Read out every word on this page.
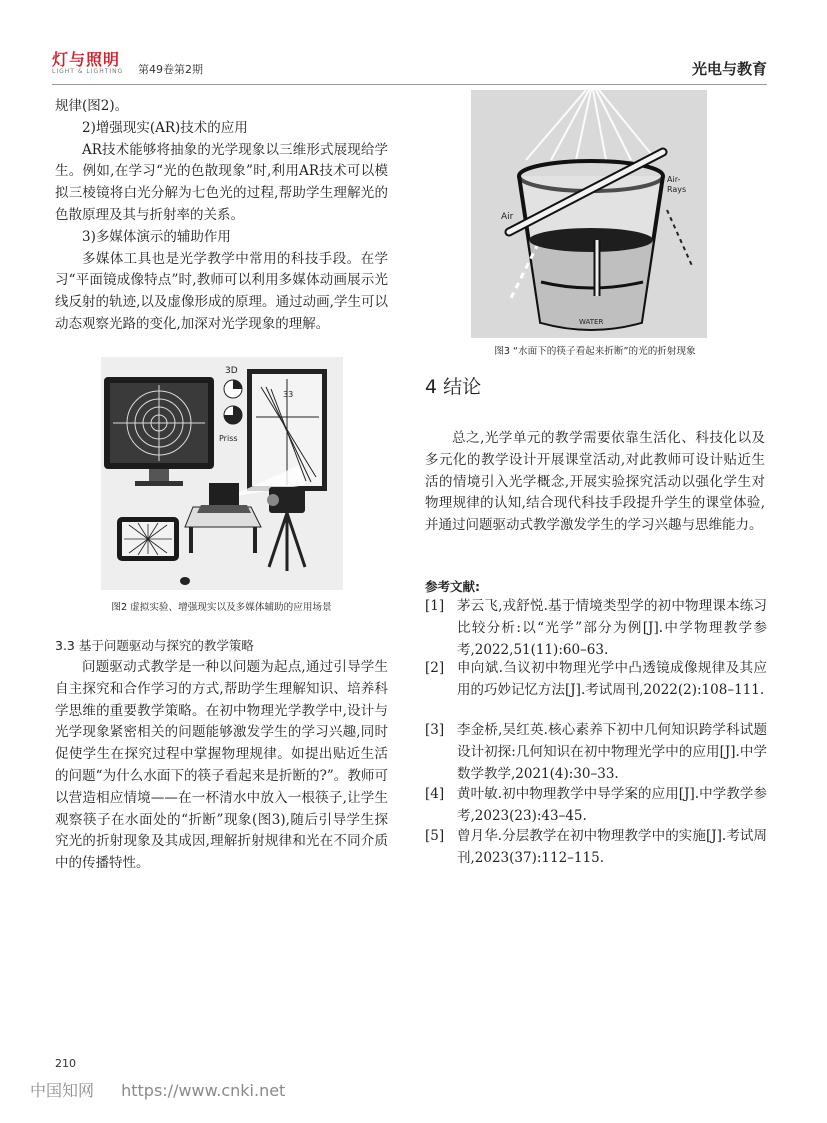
灯与照明
LIGHT & LIGHTING 第49卷第2期	光电与教育

规律(图2)。

2)增强现实(AR)技术的应用

AR技术能够将抽象的光学现象以三维形式展现给学生。例如,在学习“光的色散现象”时,利用AR技术可以模拟三棱镜将白光分解为七色光的过程,帮助学生理解光的色散原理及其与折射率的关系。

3)多媒体演示的辅助作用

多媒体工具也是光学教学中常用的科技手段。在学习“平面镜成像特点”时,教师可以利用多媒体动画展示光线反射的轨迹,以及虚像形成的原理。通过动画,学生可以动态观察光路的变化,加深对光学现象的理解。

3D
Priss
33
图2 虚拟实验、增强现实以及多媒体辅助的应用场景
3.3 基于问题驱动与探究的教学策略

问题驱动式教学是一种以问题为起点,通过引导学生自主探究和合作学习的方式,帮助学生理解知识、培养科学思维的重要教学策略。在初中物理光学教学中,设计与光学现象紧密相关的问题能够激发学生的学习兴趣,同时促使学生在探究过程中掌握物理规律。如提出贴近生活的问题“为什么水面下的筷子看起来是折断的?”。教师可以营造相应情境——在一杯清水中放入一根筷子,让学生观察筷子在水面处的“折断”现象(图3),随后引导学生探究光的折射现象及其成因,理解折射规律和光在不同介质中的传播特性。

Air
Air-Rays
WATER
图3 “水面下的筷子看起来折断”的光的折射现象
4 结论

总之,光学单元的教学需要依靠生活化、科技化以及多元化的教学设计开展课堂活动,对此教师可设计贴近生活的情境引入光学概念,开展实验探究活动以强化学生对物理规律的认知,结合现代科技手段提升学生的课堂体验,并通过问题驱动式教学激发学生的学习兴趣与思维能力。

参考文献:
[1] 茅云飞,戎舒悦.基于情境类型学的初中物理课本练习比较分析:以“光学”部分为例[J].中学物理教学参考,2022,51(11):60–63.
[2] 申向斌.刍议初中物理光学中凸透镜成像规律及其应用的巧妙记忆方法[J].考试周刊,2022(2):108–111.
[3] 李金桥,吴红英.核心素养下初中几何知识跨学科试题设计初探:几何知识在初中物理光学中的应用[J].中学数学教学,2021(4):30–33.
[4] 黄叶敏.初中物理教学中导学案的应用[J].中学教学参考,2023(23):43–45.
[5] 曾月华.分层教学在初中物理教学中的实施[J].考试周刊,2023(37):112–115.
210
中国知网 https://www.cnki.net
